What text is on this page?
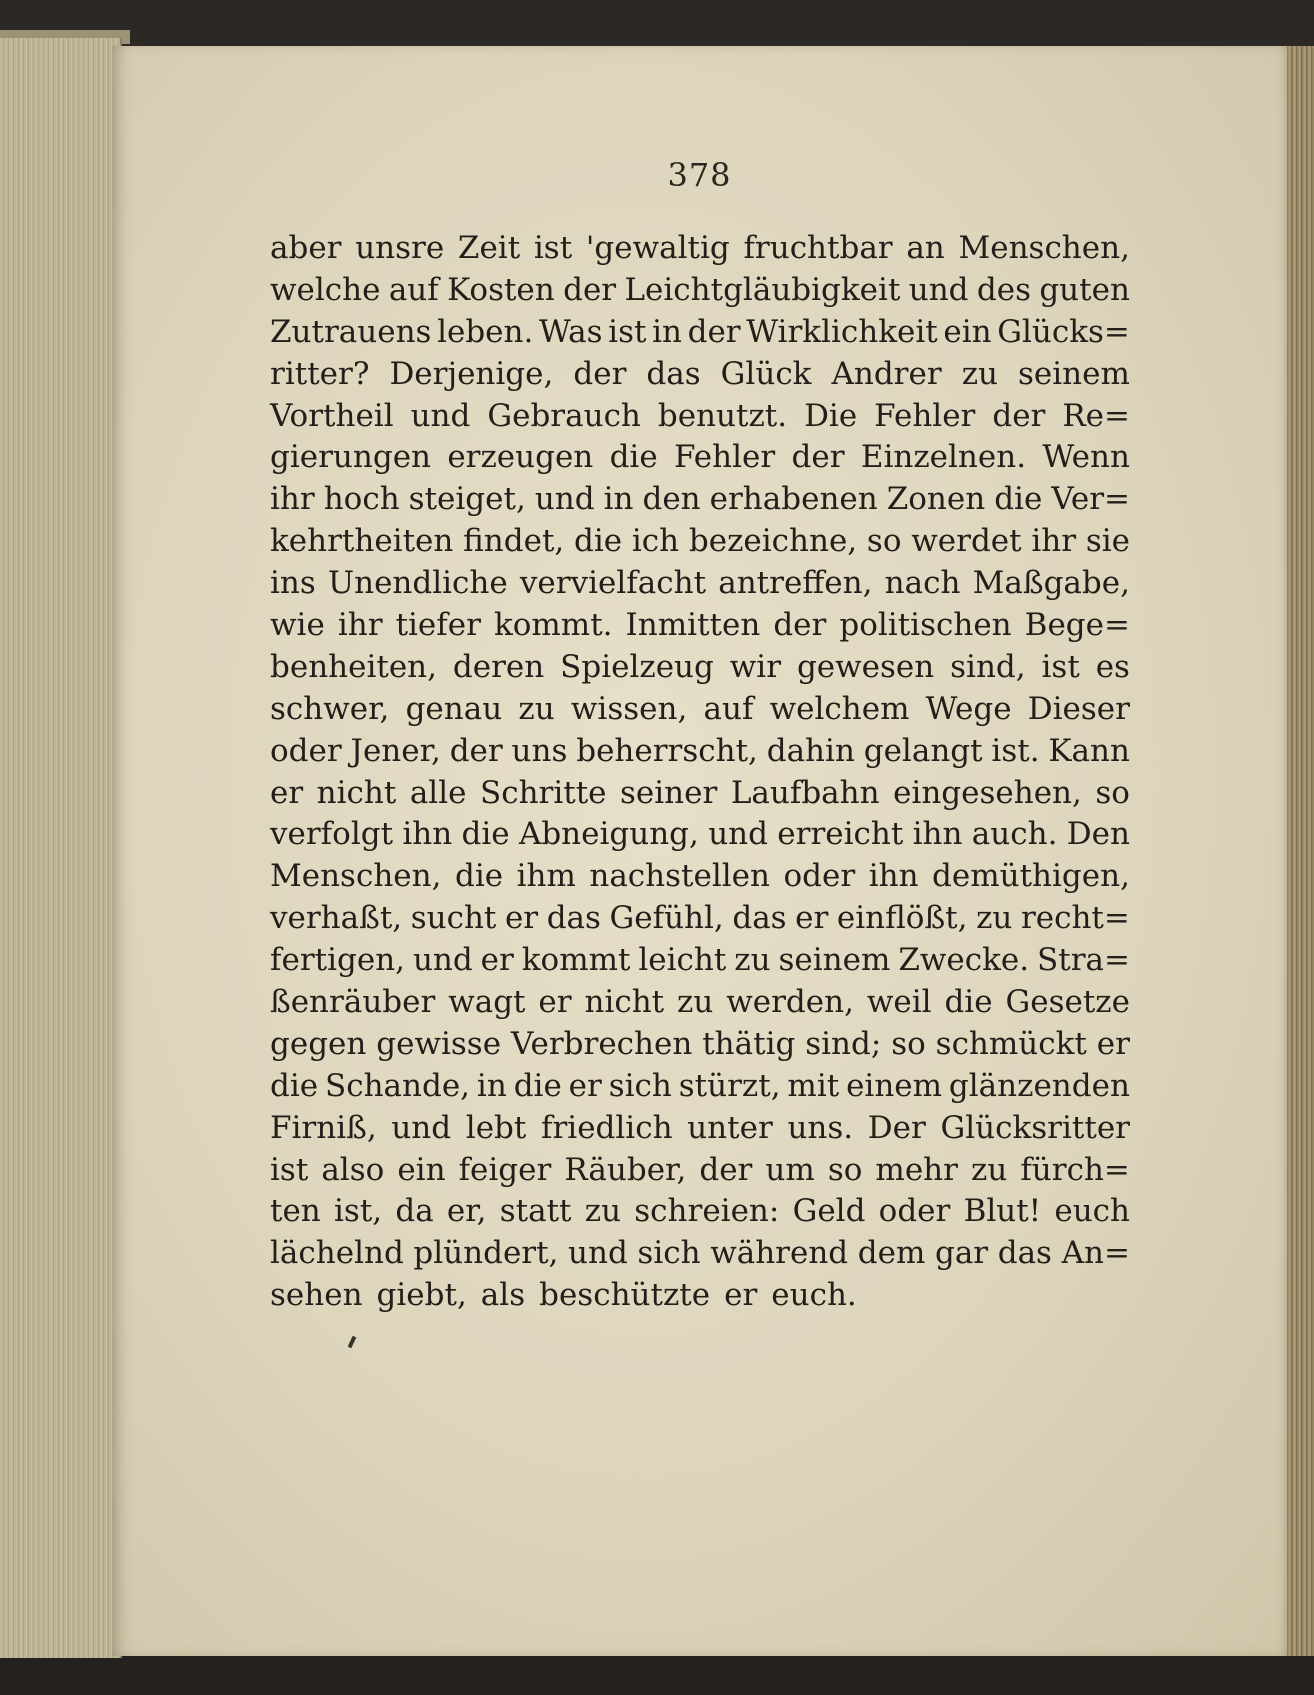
378
aber unsre Zeit ist 'gewaltig fruchtbar an Menschen,
welche auf Kosten der Leichtgläubigkeit und des guten
Zutrauens leben. Was ist in der Wirklichkeit ein Glücks=
ritter? Derjenige, der das Glück Andrer zu seinem
Vortheil und Gebrauch benutzt. Die Fehler der Re=
gierungen erzeugen die Fehler der Einzelnen. Wenn
ihr hoch steiget, und in den erhabenen Zonen die Ver=
kehrtheiten findet, die ich bezeichne, so werdet ihr sie
ins Unendliche vervielfacht antreffen, nach Maßgabe,
wie ihr tiefer kommt. Inmitten der politischen Bege=
benheiten, deren Spielzeug wir gewesen sind, ist es
schwer, genau zu wissen, auf welchem Wege Dieser
oder Jener, der uns beherrscht, dahin gelangt ist. Kann
er nicht alle Schritte seiner Laufbahn eingesehen, so
verfolgt ihn die Abneigung, und erreicht ihn auch. Den
Menschen, die ihm nachstellen oder ihn demüthigen,
verhaßt, sucht er das Gefühl, das er einflößt, zu recht=
fertigen, und er kommt leicht zu seinem Zwecke. Stra=
ßenräuber wagt er nicht zu werden, weil die Gesetze
gegen gewisse Verbrechen thätig sind; so schmückt er
die Schande, in die er sich stürzt, mit einem glänzenden
Firniß, und lebt friedlich unter uns. Der Glücksritter
ist also ein feiger Räuber, der um so mehr zu fürch=
ten ist, da er, statt zu schreien: Geld oder Blut! euch
lächelnd plündert, und sich während dem gar das An=
sehen giebt, als beschützte er euch.
